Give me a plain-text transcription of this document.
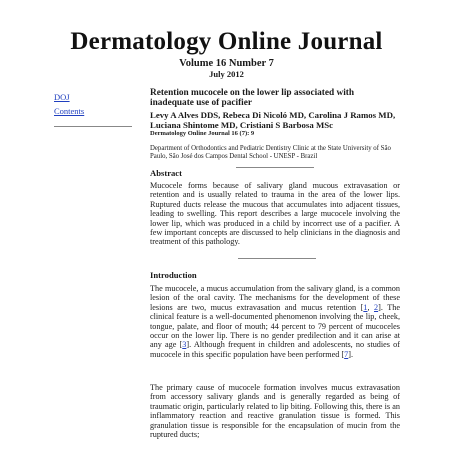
Dermatology Online Journal
Volume 16 Number 7
July 2012
DOJ
Contents
Retention mucocele on the lower lip associated with inadequate use of pacifier
Levy A Alves DDS, Rebeca Di Nicoló MD, Carolina J Ramos MD, Luciana Shintome MD, Cristiani S Barbosa MSc
Dermatology Online Journal 16 (7): 9
Department of Orthodontics and Pediatric Dentistry Clinic at the State University of São Paulo, São José dos Campos Dental School - UNESP - Brazil
Abstract

Mucocele forms because of salivary gland mucous extravasation or retention and is usually related to trauma in the area of the lower lips. Ruptured ducts release the mucous that accumulates into adjacent tissues, leading to swelling. This report describes a large mucocele involving the lower lip, which was produced in a child by incorrect use of a pacifier. A few important concepts are discussed to help clinicians in the diagnosis and treatment of this pathology.

Introduction

The mucocele, a mucus accumulation from the salivary gland, is a common lesion of the oral cavity. The mechanisms for the development of these lesions are two, mucus extravasation and mucus retention [1, 2]. The clinical feature is a well-documented phenomenon involving the lip, cheek, tongue, palate, and floor of mouth; 44 percent to 79 percent of mucoceles occur on the lower lip. There is no gender predilection and it can arise at any age [3]. Although frequent in children and adolescents, no studies of mucocele in this specific population have been performed [7].

The primary cause of mucocele formation involves mucus extravasation from accessory salivary glands and is generally regarded as being of traumatic origin, particularly related to lip biting. Following this, there is an inflammatory reaction and reactive granulation tissue is formed. This granulation tissue is responsible for the encapsulation of mucin from the ruptured ducts;
